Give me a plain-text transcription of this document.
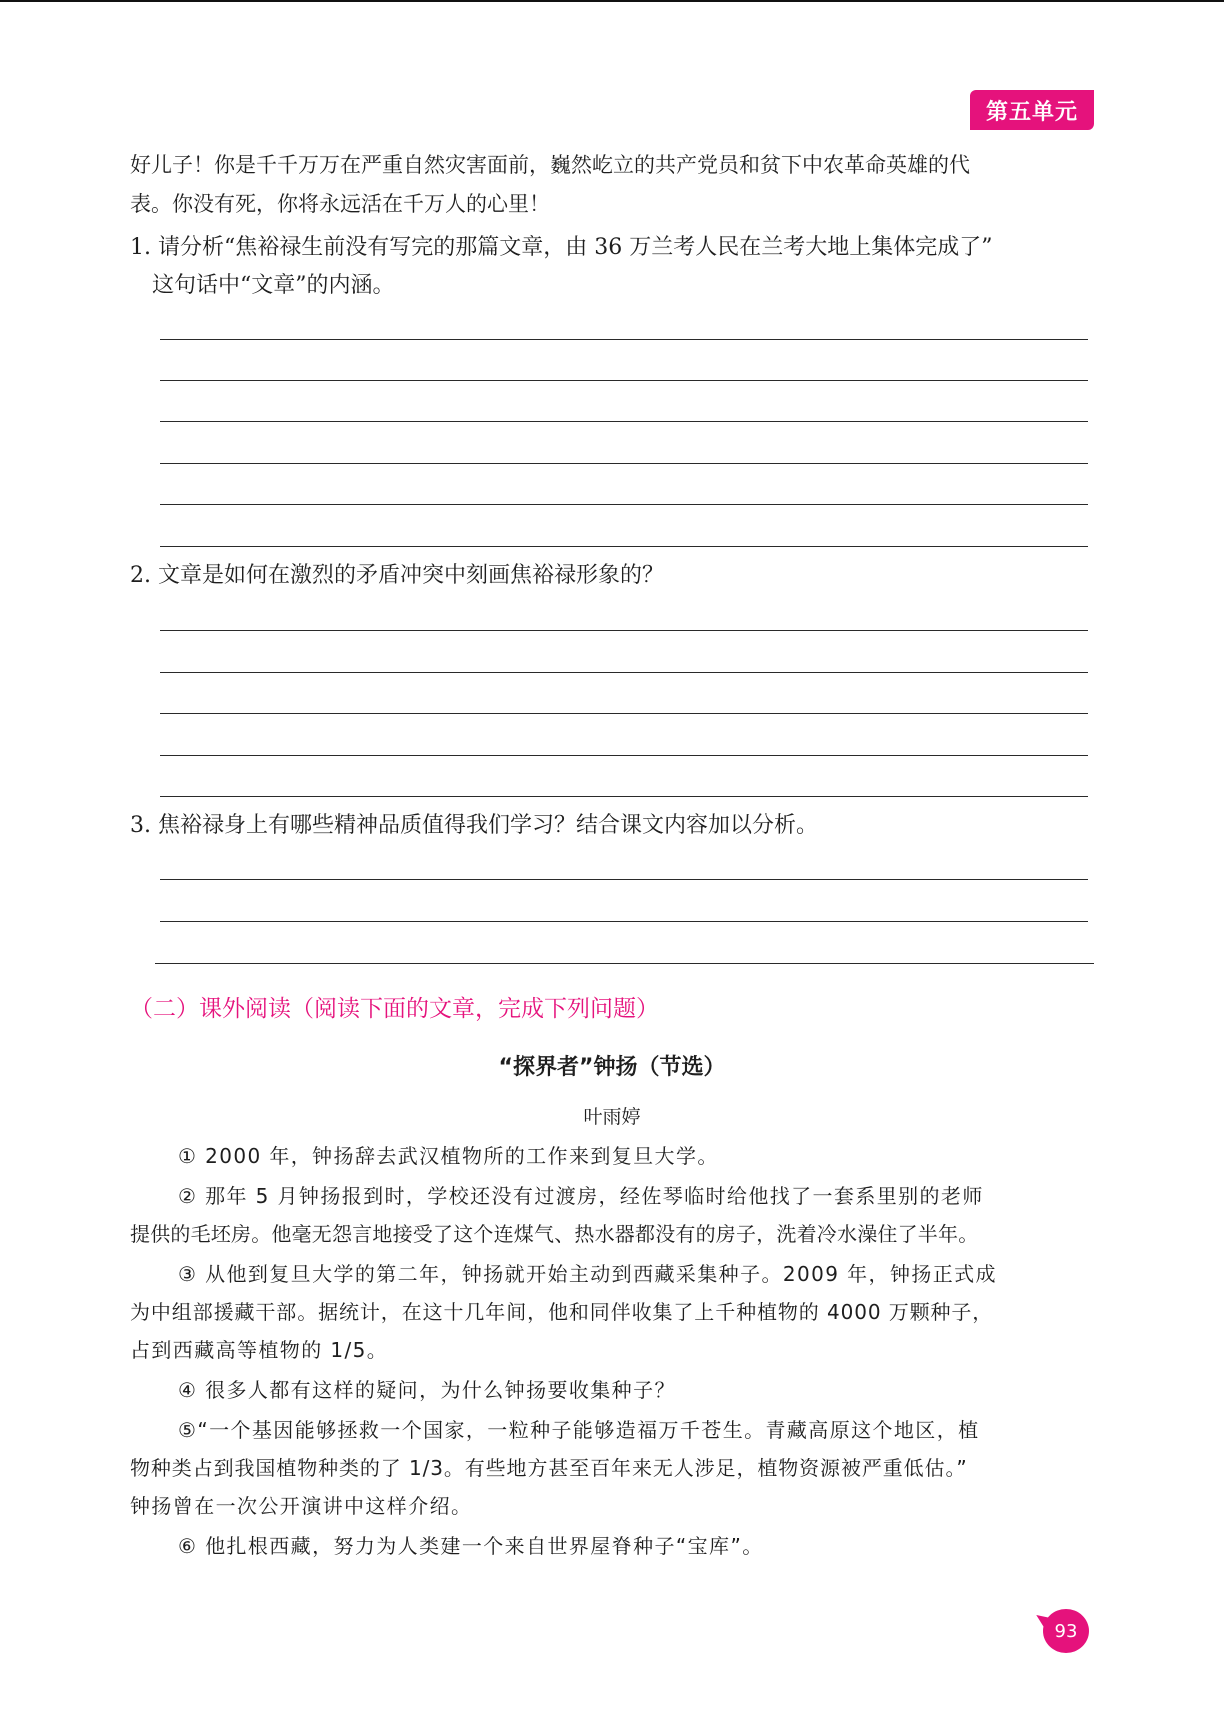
第五单元
好儿子！你是千千万万在严重自然灾害面前，巍然屹立的共产党员和贫下中农革命英雄的代
表。你没有死，你将永远活在千万人的心里！
1. 请分析“焦裕禄生前没有写完的那篇文章，由 36 万兰考人民在兰考大地上集体完成了”
这句话中“文章”的内涵。
2. 文章是如何在激烈的矛盾冲突中刻画焦裕禄形象的？
3. 焦裕禄身上有哪些精神品质值得我们学习？结合课文内容加以分析。
（二）课外阅读（阅读下面的文章，完成下列问题）
“探界者”钟扬（节选）
叶雨婷
① 2000 年，钟扬辞去武汉植物所的工作来到复旦大学。
② 那年 5 月钟扬报到时，学校还没有过渡房，经佐琴临时给他找了一套系里别的老师
提供的毛坯房。他毫无怨言地接受了这个连煤气、热水器都没有的房子，洗着冷水澡住了半年。
③ 从他到复旦大学的第二年，钟扬就开始主动到西藏采集种子。2009 年，钟扬正式成
为中组部援藏干部。据统计，在这十几年间，他和同伴收集了上千种植物的 4000 万颗种子，
占到西藏高等植物的 1/5。
④ 很多人都有这样的疑问，为什么钟扬要收集种子？
⑤“一个基因能够拯救一个国家，一粒种子能够造福万千苍生。青藏高原这个地区，植
物种类占到我国植物种类的了 1/3。有些地方甚至百年来无人涉足，植物资源被严重低估。”
钟扬曾在一次公开演讲中这样介绍。
⑥ 他扎根西藏，努力为人类建一个来自世界屋脊种子“宝库”。
93
